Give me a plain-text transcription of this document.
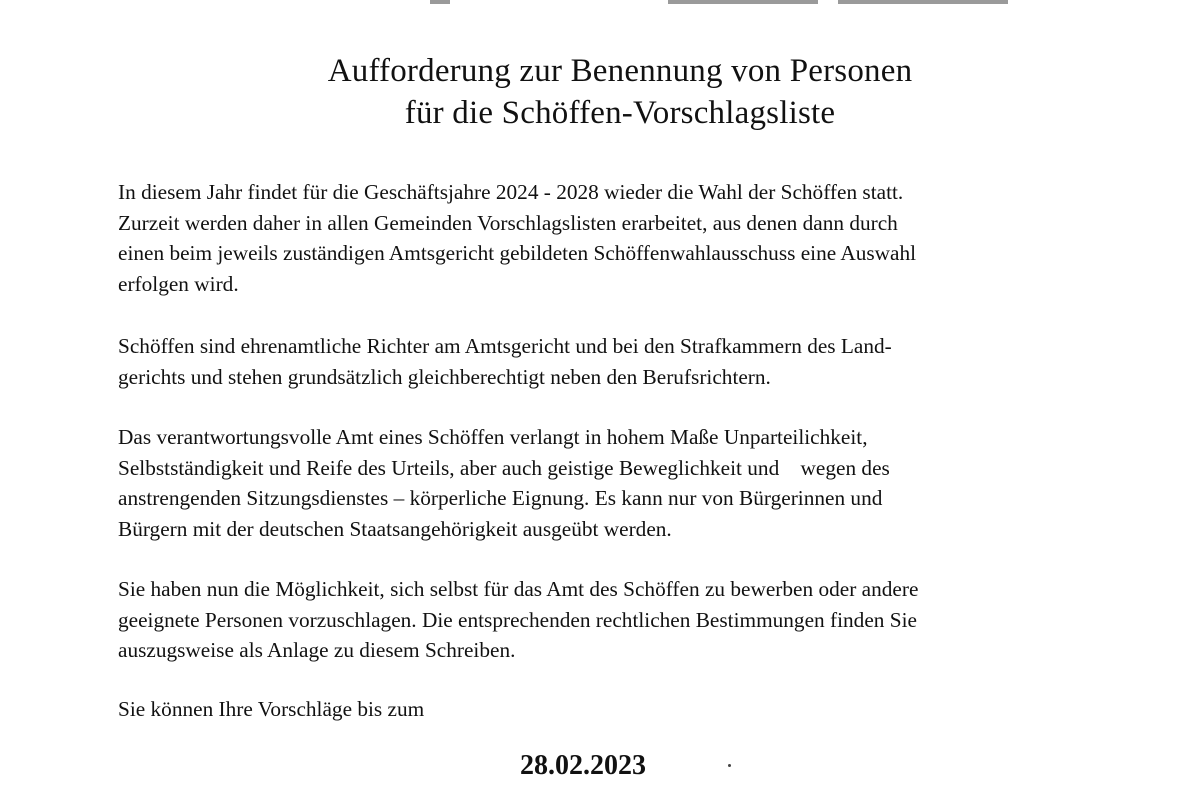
Aufforderung zur Benennung von Personen
für die Schöffen-Vorschlagsliste

In diesem Jahr findet für die Geschäftsjahre 2024 - 2028 wieder die Wahl der Schöffen statt.
Zurzeit werden daher in allen Gemeinden Vorschlagslisten erarbeitet, aus denen dann durch
einen beim jeweils zuständigen Amtsgericht gebildeten Schöffenwahlausschuss eine Auswahl
erfolgen wird.

Schöffen sind ehrenamtliche Richter am Amtsgericht und bei den Strafkammern des Land-
gerichts und stehen grundsätzlich gleichberechtigt neben den Berufsrichtern.

Das verantwortungsvolle Amt eines Schöffen verlangt in hohem Maße Unparteilichkeit,
Selbstständigkeit und Reife des Urteils, aber auch geistige Beweglichkeit und    wegen des
anstrengenden Sitzungsdienstes – körperliche Eignung. Es kann nur von Bürgerinnen und
Bürgern mit der deutschen Staatsangehörigkeit ausgeübt werden.

Sie haben nun die Möglichkeit, sich selbst für das Amt des Schöffen zu bewerben oder andere
geeignete Personen vorzuschlagen. Die entsprechenden rechtlichen Bestimmungen finden Sie
auszugsweise als Anlage zu diesem Schreiben.

Sie können Ihre Vorschläge bis zum

28.02.2023
